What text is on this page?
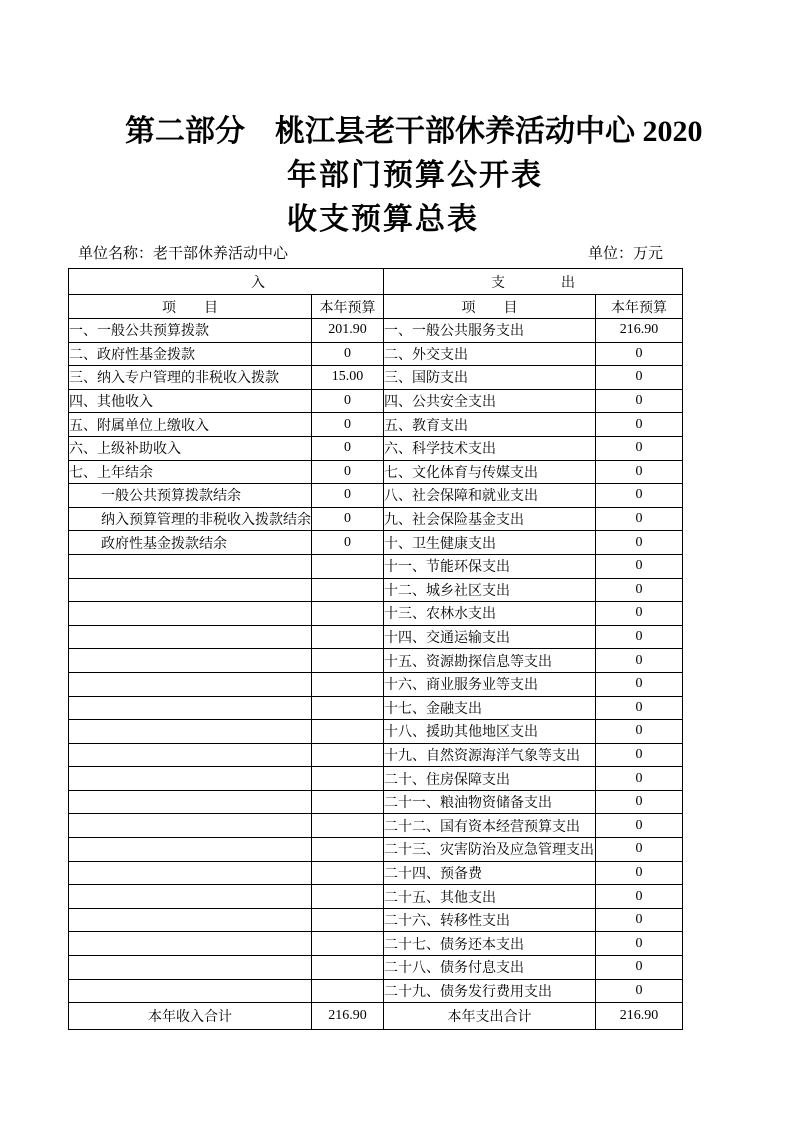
第二部分　桃江县老干部休养活动中心 2020
年部门预算公开表
收支预算总表
单位名称：老干部休养活动中心	单位：万元
入		支　　　　出	
项　　目	本年预算	项　　目	本年预算
一、一般公共预算拨款	201.90	一、一般公共服务支出	216.90
二、政府性基金拨款	0	二、外交支出	0
三、纳入专户管理的非税收入拨款	15.00	三、国防支出	0
四、其他收入	0	四、公共安全支出	0
五、附属单位上缴收入	0	五、教育支出	0
六、上级补助收入	0	六、科学技术支出	0
七、上年结余	0	七、文化体育与传媒支出	0
一般公共预算拨款结余	0	八、社会保障和就业支出	0
纳入预算管理的非税收入拨款结余	0	九、社会保险基金支出	0
政府性基金拨款结余	0	十、卫生健康支出	0
		十一、节能环保支出	0
		十二、城乡社区支出	0
		十三、农林水支出	0
		十四、交通运输支出	0
		十五、资源勘探信息等支出	0
		十六、商业服务业等支出	0
		十七、金融支出	0
		十八、援助其他地区支出	0
		十九、自然资源海洋气象等支出	0
		二十、住房保障支出	0
		二十一、粮油物资储备支出	0
		二十二、国有资本经营预算支出	0
		二十三、灾害防治及应急管理支出	0
		二十四、预备费	0
		二十五、其他支出	0
		二十六、转移性支出	0
		二十七、债务还本支出	0
		二十八、债务付息支出	0
		二十九、债务发行费用支出	0
本年收入合计	216.90	本年支出合计	216.90
